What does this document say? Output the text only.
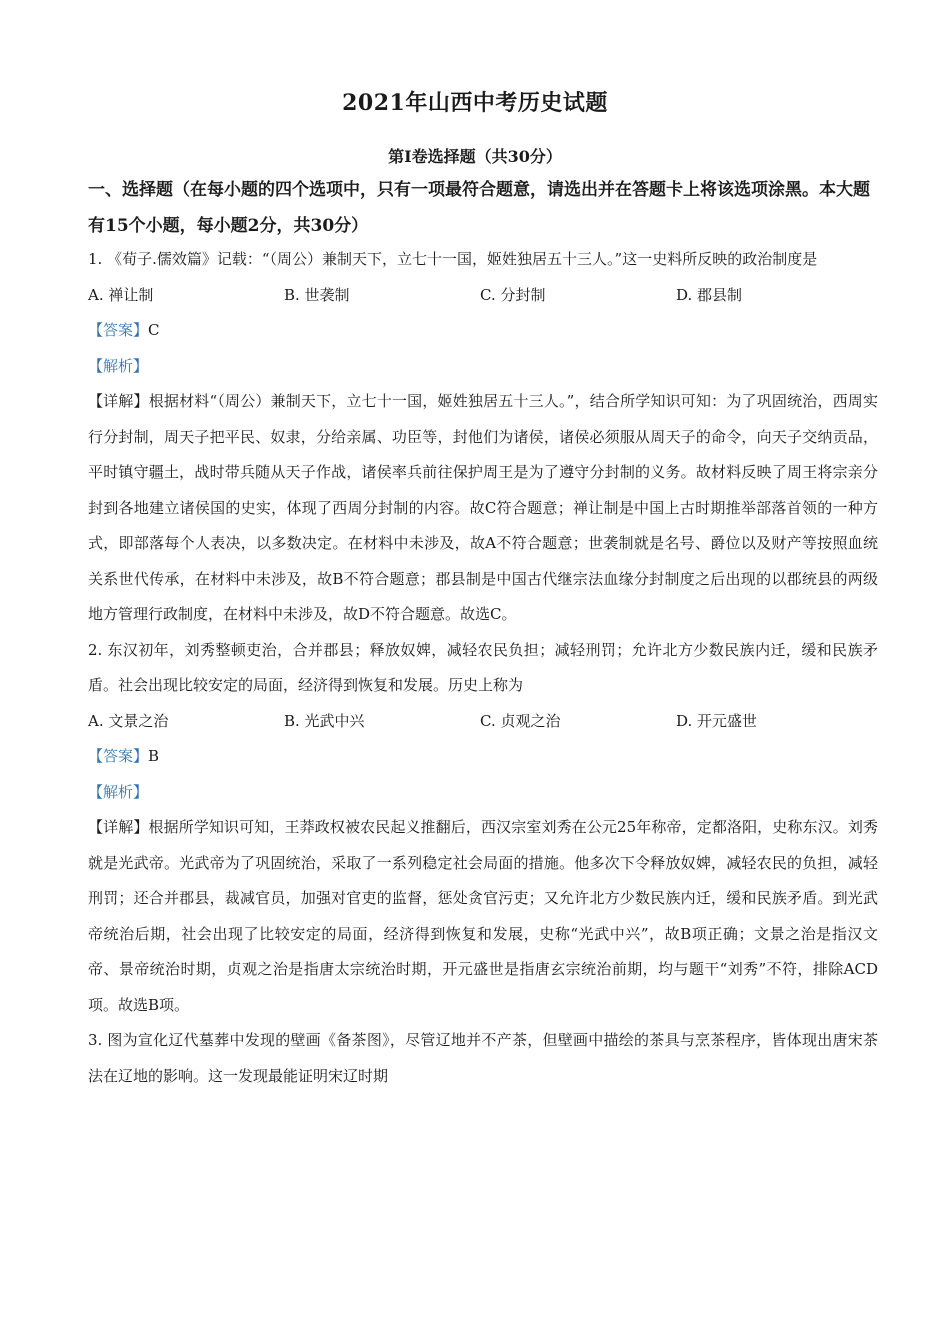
2021年山西中考历史试题
第Ⅰ卷选择题（共30分）
一、选择题（在每小题的四个选项中，只有一项最符合题意，请选出并在答题卡上将该选项涂黑。本大题有15个小题，每小题2分，共30分）

1. 《荀子.儒效篇》记载：“（周公）兼制天下，立七十一国，姬姓独居五十三人。”这一史料所反映的政治制度是

A. 禅让制	B. 世袭制	C. 分封制	D. 郡县制

【答案】C

【解析】

【详解】根据材料“（周公）兼制天下，立七十一国，姬姓独居五十三人。”，结合所学知识可知：为了巩固统治，西周实行分封制，周天子把平民、奴隶，分给亲属、功臣等，封他们为诸侯，诸侯必须服从周天子的命令，向天子交纳贡品，平时镇守疆土，战时带兵随从天子作战，诸侯率兵前往保护周王是为了遵守分封制的义务。故材料反映了周王将宗亲分封到各地建立诸侯国的史实，体现了西周分封制的内容。故C符合题意；禅让制是中国上古时期推举部落首领的一种方式，即部落每个人表决，以多数决定。在材料中未涉及，故A不符合题意；世袭制就是名号、爵位以及财产等按照血统关系世代传承，在材料中未涉及，故B不符合题意；郡县制是中国古代继宗法血缘分封制度之后出现的以郡统县的两级地方管理行政制度，在材料中未涉及，故D不符合题意。故选C。

2. 东汉初年，刘秀整顿吏治，合并郡县；释放奴婢，减轻农民负担；减轻刑罚；允许北方少数民族内迁，缓和民族矛盾。社会出现比较安定的局面，经济得到恢复和发展。历史上称为

A. 文景之治	B. 光武中兴	C. 贞观之治	D. 开元盛世

【答案】B

【解析】

【详解】根据所学知识可知，王莽政权被农民起义推翻后，西汉宗室刘秀在公元25年称帝，定都洛阳，史称东汉。刘秀就是光武帝。光武帝为了巩固统治，采取了一系列稳定社会局面的措施。他多次下令释放奴婢，减轻农民的负担，减轻刑罚；还合并郡县，裁减官员，加强对官吏的监督，惩处贪官污吏；又允许北方少数民族内迁，缓和民族矛盾。到光武帝统治后期，社会出现了比较安定的局面，经济得到恢复和发展，史称“光武中兴”，故B项正确；文景之治是指汉文帝、景帝统治时期，贞观之治是指唐太宗统治时期，开元盛世是指唐玄宗统治前期，均与题干“刘秀”不符，排除ACD项。故选B项。

3. 图为宣化辽代墓葬中发现的壁画《备茶图》，尽管辽地并不产茶，但壁画中描绘的茶具与烹茶程序，皆体现出唐宋茶法在辽地的影响。这一发现最能证明宋辽时期
